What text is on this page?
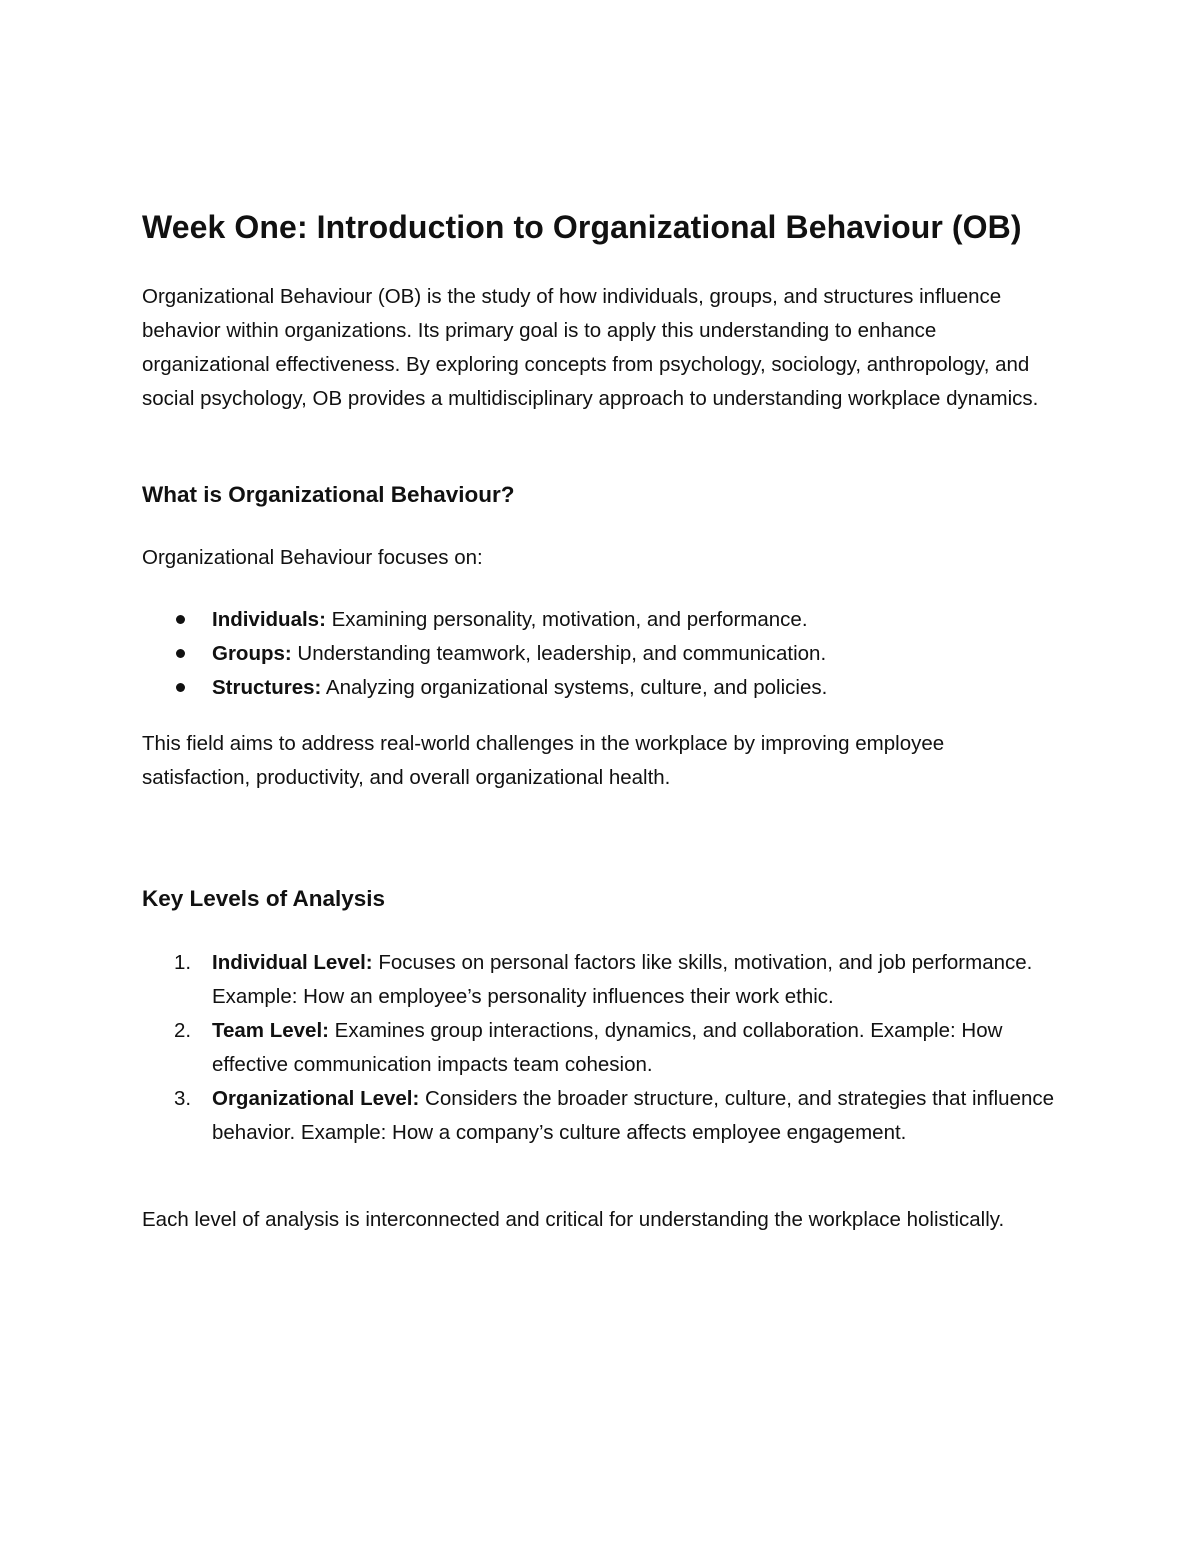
Week One: Introduction to Organizational Behaviour (OB)

Organizational Behaviour (OB) is the study of how individuals, groups, and structures influence behavior within organizations. Its primary goal is to apply this understanding to enhance organizational effectiveness. By exploring concepts from psychology, sociology, anthropology, and social psychology, OB provides a multidisciplinary approach to understanding workplace dynamics.

What is Organizational Behaviour?

Organizational Behaviour focuses on:

Individuals: Examining personality, motivation, and performance.
Groups: Understanding teamwork, leadership, and communication.
Structures: Analyzing organizational systems, culture, and policies.

This field aims to address real-world challenges in the workplace by improving employee satisfaction, productivity, and overall organizational health.

Key Levels of Analysis
1. Individual Level: Focuses on personal factors like skills, motivation, and job performance. Example: How an employee’s personality influences their work ethic.
2. Team Level: Examines group interactions, dynamics, and collaboration. Example: How effective communication impacts team cohesion.
3. Organizational Level: Considers the broader structure, culture, and strategies that influence behavior. Example: How a company’s culture affects employee engagement.

Each level of analysis is interconnected and critical for understanding the workplace holistically.
